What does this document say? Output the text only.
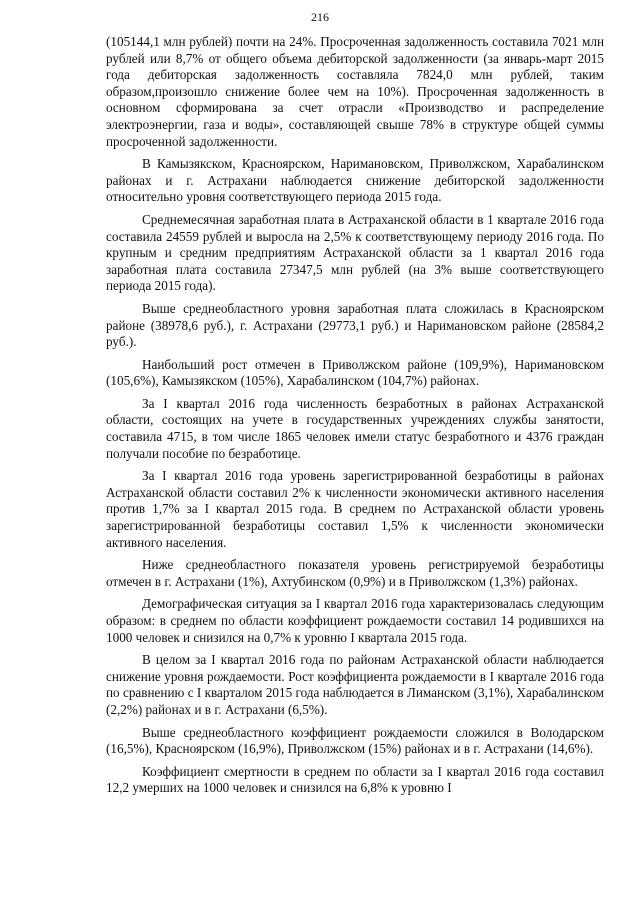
216

(105144,1 млн рублей) почти на 24%. Просроченная задолженность составила 7021 млн рублей или 8,7% от общего объема дебиторской задолженности (за январь-март 2015 года дебиторская задолженность составляла 7824,0 млн рублей, таким образом,произошло снижение более чем на 10%). Просроченная задолженность в основном сформирована за счет отрасли «Производство и распределение электроэнергии, газа и воды», составляющей свыше 78% в структуре общей суммы просроченной задолженности.

В Камызякском, Красноярском, Наримановском, Приволжском, Харабалинском районах и г. Астрахани наблюдается снижение дебиторской задолженности относительно уровня соответствующего периода 2015 года.

Среднемесячная заработная плата в Астраханской области в 1 квартале 2016 года составила 24559 рублей и выросла на 2,5% к соответствующему периоду 2016 года. По крупным и средним предприятиям Астраханской области за 1 квартал 2016 года заработная плата составила 27347,5 млн рублей (на 3% выше соответствующего периода 2015 года).

Выше среднеобластного уровня заработная плата сложилась в Красноярском районе (38978,6 руб.), г. Астрахани (29773,1 руб.) и Наримановском районе (28584,2 руб.).

Наибольший рост отмечен в Приволжском районе (109,9%), Наримановском (105,6%), Камызякском (105%), Харабалинском (104,7%) районах.

За I квартал 2016 года численность безработных в районах Астраханской области, состоящих на учете в государственных учреждениях службы занятости, составила 4715, в том числе 1865 человек имели статус безработного и 4376 граждан получали пособие по безработице.

За I квартал 2016 года уровень зарегистрированной безработицы в районах Астраханской области составил 2% к численности экономически активного населения против 1,7% за I квартал 2015 года. В среднем по Астраханской области уровень зарегистрированной безработицы составил 1,5% к численности экономически активного населения.

Ниже среднеобластного показателя уровень регистрируемой безработицы отмечен в г. Астрахани (1%), Ахтубинском (0,9%) и в Приволжском (1,3%) районах.

Демографическая ситуация за I квартал 2016 года характеризовалась следующим образом: в среднем по области коэффициент рождаемости составил 14 родившихся на 1000 человек и снизился на 0,7% к уровню I квартала 2015 года.

В целом за I квартал 2016 года по районам Астраханской области наблюдается снижение уровня рождаемости. Рост коэффициента рождаемости в I квартале 2016 года по сравнению с I кварталом 2015 года наблюдается в Лиманском (3,1%), Харабалинском (2,2%) районах и в г. Астрахани (6,5%).

Выше среднеобластного коэффициент рождаемости сложился в Володарском (16,5%), Красноярском (16,9%), Приволжском (15%) районах и в г. Астрахани (14,6%).

Коэффициент смертности в среднем по области за I квартал 2016 года составил 12,2 умерших на 1000 человек и снизился на 6,8% к уровню I
